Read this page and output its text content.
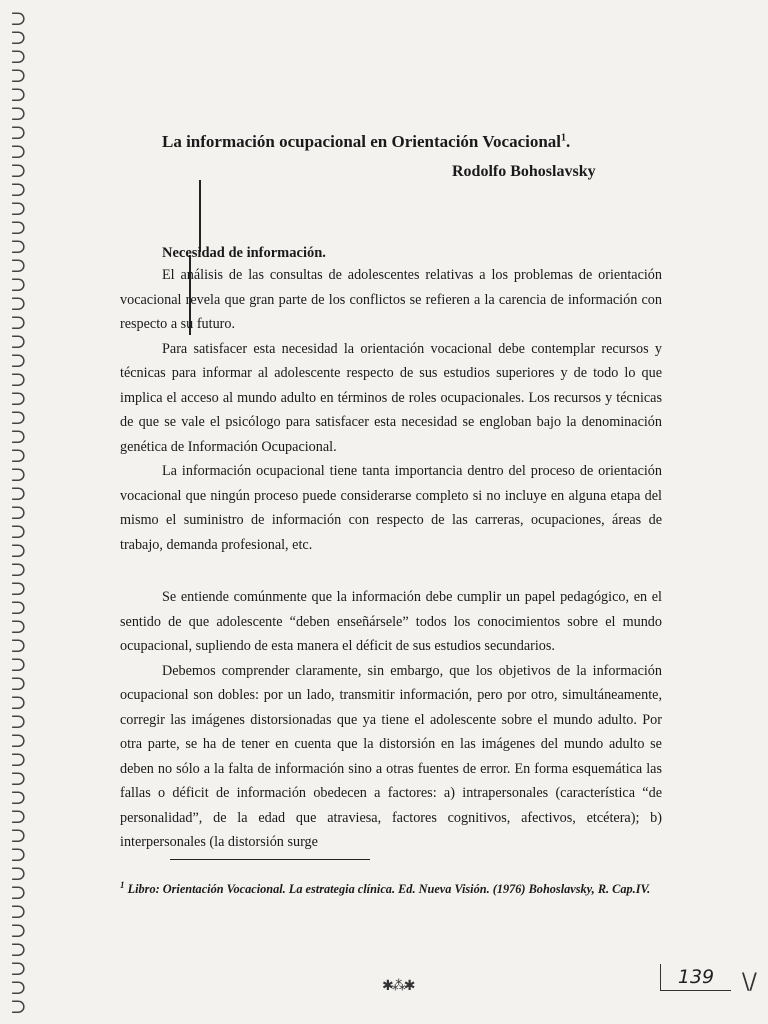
⊃
⊃
⊃
⊃
⊃
⊃
⊃
⊃
⊃
⊃
⊃
⊃
⊃
⊃
⊃
⊃
⊃
⊃
⊃
⊃
⊃
⊃
⊃
⊃
⊃
⊃
⊃
⊃
⊃
⊃
⊃
⊃
⊃
⊃
⊃
⊃
⊃
⊃
⊃
⊃
⊃
⊃
⊃
⊃
⊃
⊃
⊃
⊃
⊃
⊃
⊃
⊃
⊃
La información ocupacional en Orientación Vocacional$^1$.
Rodolfo Bohoslavsky
Necesidad de información.

El análisis de las consultas de adolescentes relativas a los problemas de orientación vocacional revela que gran parte de los conflictos se refieren a la carencia de información con respecto a su futuro.

Para satisfacer esta necesidad la orientación vocacional debe contemplar recursos y técnicas para informar al adolescente respecto de sus estudios superiores y de todo lo que implica el acceso al mundo adulto en términos de roles ocupacionales. Los recursos y técnicas de que se vale el psicólogo para satisfacer esta necesidad se engloban bajo la denominación genética de Información Ocupacional.

La información ocupacional tiene tanta importancia dentro del proceso de orientación vocacional que ningún proceso puede considerarse completo si no incluye en alguna etapa del mismo el suministro de información con respecto de las carreras, ocupaciones, áreas de trabajo, demanda profesional, etc.

Se entiende comúnmente que la información debe cumplir un papel pedagógico, en el sentido de que adolescente “deben enseñársele” todos los conocimientos sobre el mundo ocupacional, supliendo de esta manera el déficit de sus estudios secundarios.

Debemos comprender claramente, sin embargo, que los objetivos de la información ocupacional son dobles: por un lado, transmitir información, pero por otro, simultáneamente, corregir las imágenes distorsionadas que ya tiene el adolescente sobre el mundo adulto. Por otra parte, se ha de tener en cuenta que la distorsión en las imágenes del mundo adulto se deben no sólo a la falta de información sino a otras fuentes de error. En forma esquemática las fallas o déficit de información obedecen a factores: a) intrapersonales (característica “de personalidad”, de la edad que atraviesa, factores cognitivos, afectivos, etcétera); b) interpersonales (la distorsión surge

$^1$ Libro: Orientación Vocacional. La estrategia clínica. Ed. Nueva Visión. (1976) Bohoslavsky, R. Cap.IV.
✱⁂✱	139	\/
